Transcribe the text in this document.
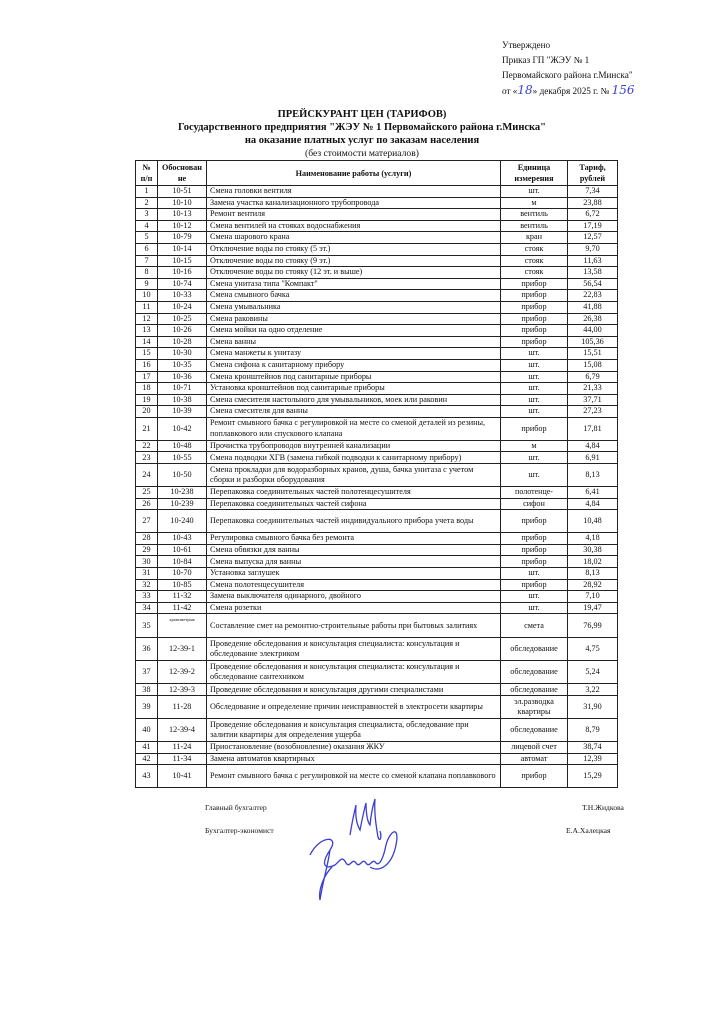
Утверждено
Приказ ГП "ЖЭУ № 1
Первомайского района г.Минска"
от «18» декабря 2025 г. № 156
ПРЕЙСКУРАНТ ЦЕН (ТАРИФОВ)
Государственного предприятия "ЖЭУ № 1 Первомайского района г.Минска"
на оказание платных услуг по заказам населения
(без стоимости материалов)
№ п/п	Обоснован не	Наименование работы (услуги)	Единица измерения	Тариф, рублей
1	10-51	Смена головки вентиля	шт.	7,34
2	10-10	Замена участка канализационного трубопровода	м	23,88
3	10-13	Ремонт вентиля	вентиль	6,72
4	10-12	Смена вентилей на стояках водоснабжения	вентиль	17,19
5	10-79	Смена шарового крана	кран	12,57
6	10-14	Отключение воды по стояку (5 эт.)	стояк	9,70
7	10-15	Отключение воды по стояку (9 эт.)	стояк	11,63
8	10-16	Отключение воды по стояку (12 эт. и выше)	стояк	13,58
9	10-74	Смена унитаза типа "Компакт"	прибор	56,54
10	10-33	Смена смывного бачка	прибор	22,83
11	10-24	Смена умывальника	прибор	41,88
12	10-25	Смена раковины	прибор	26,38
13	10-26	Смена мойки на одно отделение	прибор	44,00
14	10-28	Смена ванны	прибор	105,36
15	10-30	Смена манжеты к унитазу	шт.	15,51
16	10-35	Смена сифона к санитарному прибору	шт.	15,08
17	10-36	Смена кронштейнов под санитарные приборы	шт.	6,79
18	10-71	Установка кронштейнов под санитарные приборы	шт.	21,33
19	10-38	Смена смесителя настольного для умывальников, моек или раковин	шт.	37,71
20	10-39	Смена смесителя для ванны	шт.	27,23
21	10-42	Ремонт смывного бачка с регулировкой на месте со сменой деталей из резины, поплавкового или спускового клапана	прибор	17,81
22	10-48	Прочистка трубопроводов внутренней канализации	м	4,84
23	10-55	Смена подводки ХГВ (замена гибкой подводки к санитарному прибору)	шт.	6,91
24	10-50	Смена прокладки для водоразборных кранов, душа, бачка унитаза с учетом сборки и разборки оборудования	шт.	8,13
25	10-238	Перепаковка соединительных частей полотенцесушителя	полотенце-	6,41
26	10-239	Перепаковка соединительных частей сифона	сифон	4,84
27	10-240	Перепаковка соединительных частей индивидуального прибора учета воды	прибор	10,48
28	10-43	Регулировка смывного бачка без ремонта	прибор	4,18
29	10-61	Смена обвязки для ванны	прибор	30,38
30	10-84	Смена выпуска для ванны	прибор	18,02
31	10-70	Установка заглушек	шт.	8,13
32	10-85	Смена полотенцесушителя	прибор	28,92
33	11-32	Замена выключателя одинарного, двойного	шт.	7,10
34	11-42	Смена розетки	шт.	19,47
35	хронометраж	Составление смет на ремонтно-строительные работы при бытовых залитиях	смета	76,99
36	12-39-1	Проведение обследования и консультация специалиста: консультация и обследование электриком	обследование	4,75
37	12-39-2	Проведение обследования и консультация специалиста: консультация и обследование сантехником	обследование	5,24
38	12-39-3	Проведение обследования и консультация другими специалистами	обследование	3,22
39	11-28	Обследование и определение причин неисправностей в электросети квартиры	эл.разводка квартиры	31,90
40	12-39-4	Проведение обследования и консультация специалиста, обследование при залитии квартиры для определения ущерба	обследование	8,79
41	11-24	Приостановление (возобновление) оказания ЖКУ	лицевой счет	38,74
42	11-34	Замена автоматов квартирных	автомат	12,39
43	10-41	Ремонт смывного бачка с регулировкой на месте со сменой клапана поплавкового	прибор	15,29
Главный бухгалтер	Т.Н.Жидкова
Бухгалтер-экономист	Е.А.Халецкая
